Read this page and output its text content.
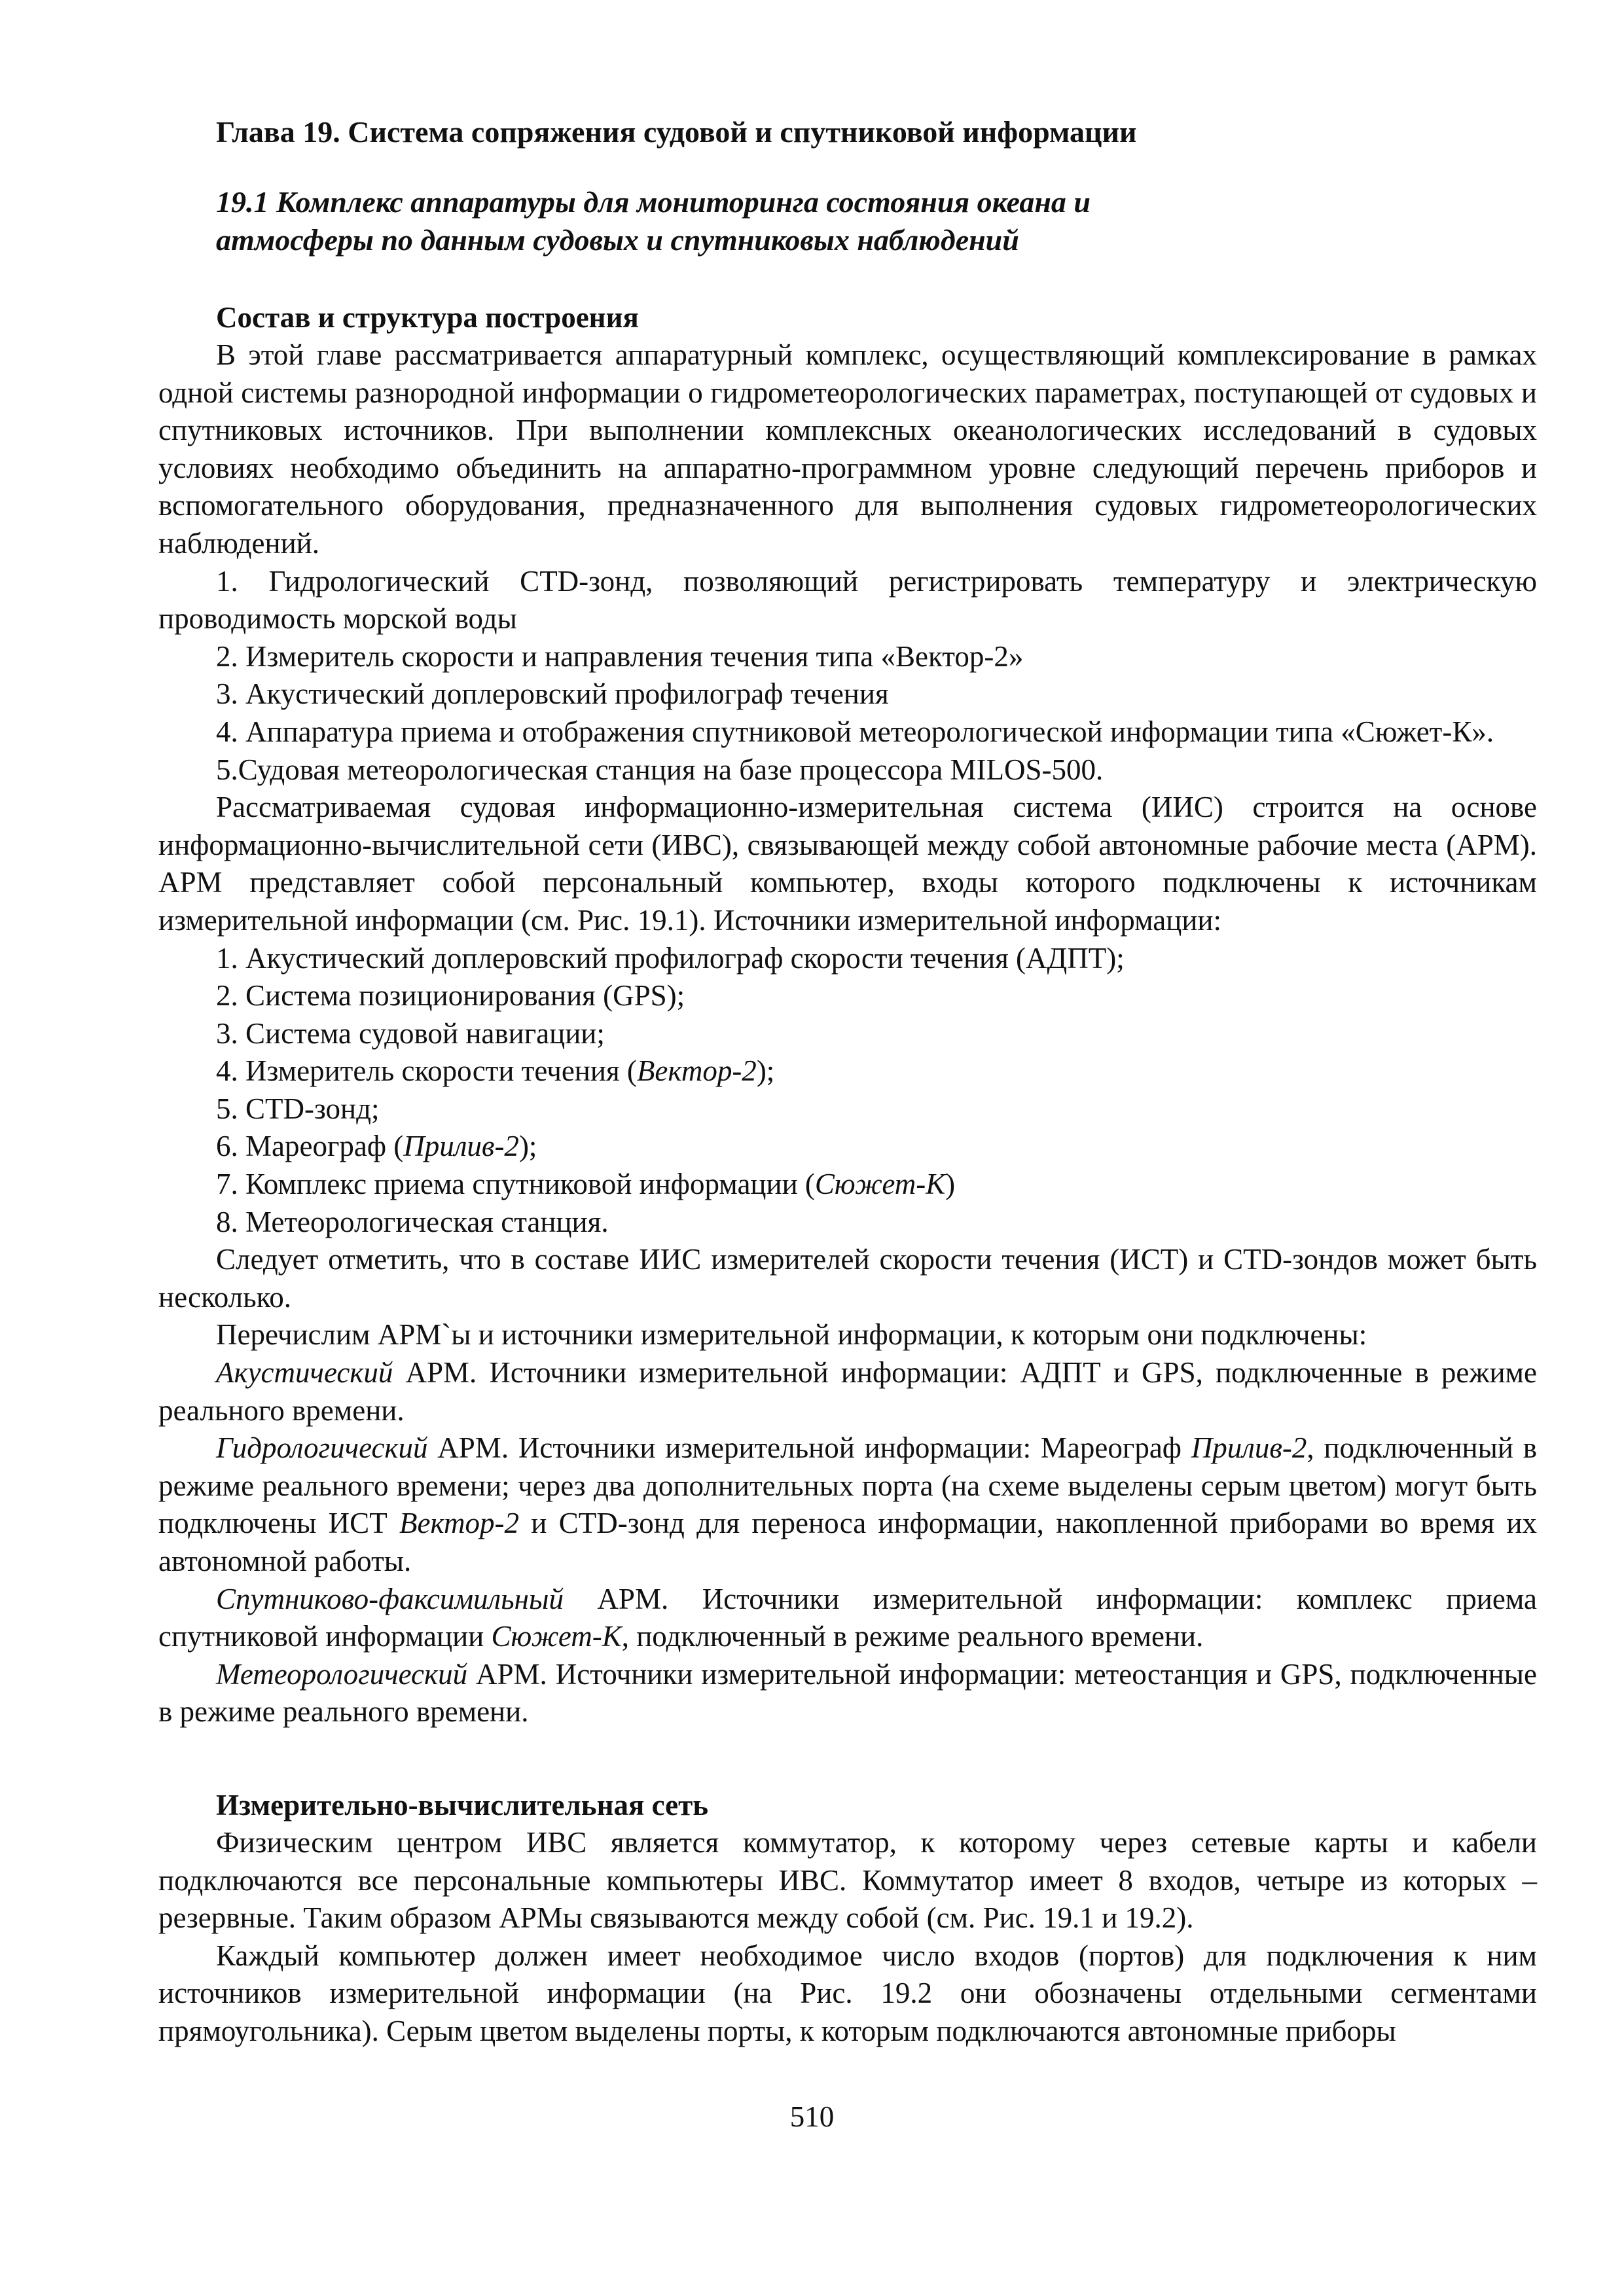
Глава 19. Система сопряжения судовой и спутниковой информации
19.1 Комплекс аппаратуры для мониторинга состояния океана и
атмосферы по данным судовых и спутниковых наблюдений
Состав и структура построения

В этой главе рассматривается аппаратурный комплекс, осуществляющий комплексирование в рамках одной системы разнородной информации о гидрометеорологических параметрах, поступающей от судовых и спутниковых источников. При выполнении комплексных океанологических исследований в судовых условиях необходимо объединить на аппаратно-программном уровне следующий перечень приборов и вспомогательного оборудования, предназначенного для выполнения судовых гидрометеорологических наблюдений.

1. Гидрологический CTD-зонд, позволяющий регистрировать температуру и электрическую проводимость морской воды

2. Измеритель скорости и направления течения типа «Вектор-2»

3. Акустический доплеровский профилограф течения

4. Аппаратура приема и отображения спутниковой метеорологической информации типа «Сюжет-К».

5.Судовая метеорологическая станция на базе процессора MILOS-500.

Рассматриваемая судовая информационно-измерительная система (ИИС) строится на основе информационно-вычислительной сети (ИВС), связывающей между собой автономные рабочие места (АРМ). АРМ представляет собой персональный компьютер, входы которого подключены к источникам измерительной информации (см. Рис. 19.1). Источники измерительной информации:

1. Акустический доплеровский профилограф скорости течения (АДПТ);

2. Система позиционирования (GPS);

3. Система судовой навигации;

4. Измеритель скорости течения (Вектор-2);

5. CTD-зонд;

6. Мареограф (Прилив-2);

7. Комплекс приема спутниковой информации (Сюжет-К)

8. Метеорологическая станция.

Следует отметить, что в составе ИИС измерителей скорости течения (ИСТ) и CTD-зондов может быть несколько.

Перечислим АРМ`ы и источники измерительной информации, к которым они подключены:

Акустический АРМ. Источники измерительной информации: АДПТ и GPS, подключенные в режиме реального времени.

Гидрологический АРМ. Источники измерительной информации: Мареограф Прилив-2, подключенный в режиме реального времени; через два дополнительных порта (на схеме выделены серым цветом) могут быть подключены ИСТ Вектор-2 и CTD-зонд для переноса информации, накопленной приборами во время их автономной работы.

Спутниково-факсимильный АРМ. Источники измерительной информации: комплекс приема спутниковой информации Сюжет-К, подключенный в режиме реального времени.

Метеорологический АРМ. Источники измерительной информации: метеостанция и GPS, подключенные в режиме реального времени.

Измерительно-вычислительная сеть

Физическим центром ИВС является коммутатор, к которому через сетевые карты и кабели подключаются все персональные компьютеры ИВС. Коммутатор имеет 8 входов, четыре из которых – резервные. Таким образом АРМы связываются между собой (см. Рис. 19.1 и 19.2).

Каждый компьютер должен имеет необходимое число входов (портов) для подключения к ним источников измерительной информации (на Рис. 19.2 они обозначены отдельными сегментами прямоугольника). Серым цветом выделены порты, к которым подключаются автономные приборы

510
